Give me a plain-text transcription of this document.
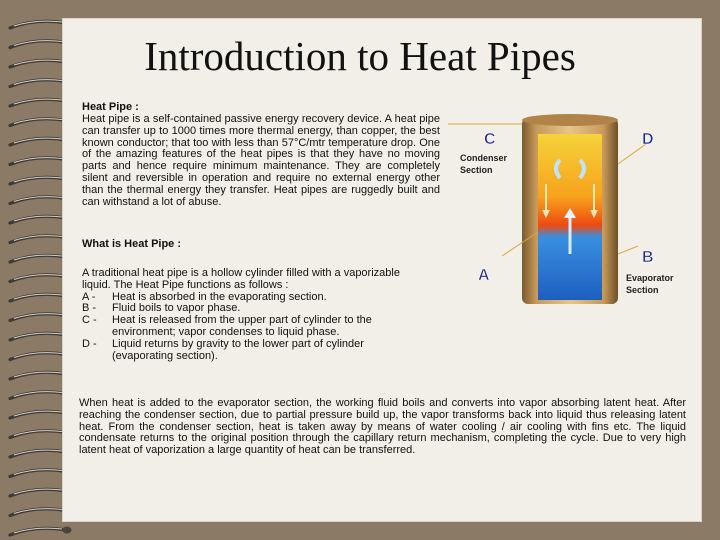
Introduction to Heat Pipes

Heat Pipe :

Heat pipe is a self-contained passive energy recovery device. A heat pipe can transfer up to 1000 times more thermal energy, than copper, the best known conductor; that too with less than 57°C/mtr temperature drop. One of the amazing features of the heat pipes is that they have no moving parts and hence require minimum maintenance. They are completely silent and reversible in operation and require no external energy other than the thermal energy they transfer. Heat pipes are ruggedly built and can withstand a lot of abuse.

What is Heat Pipe :

A traditional heat pipe is a hollow cylinder filled with a vaporizable
liquid. The Heat Pipe functions as follows :
A -	Heat is absorbed in the evaporating section.
B -	Fluid boils to vapor phase.
C -	Heat is released from the upper part of cylinder to the
environment; vapor condenses to liquid phase.
D -	Liquid returns by gravity to the lower part of cylinder
(evaporating section).

When heat is added to the evaporator section, the working fluid boils and converts into vapor absorbing latent heat. After reaching the condenser section, due to partial pressure build up, the vapor transforms back into liquid thus releasing latent heat. From the condenser section, heat is taken away by means of water cooling / air cooling with fins etc. The liquid condensate returns to the original position through the capillary return mechanism, completing the cycle. Due to very high latent heat of vaporization a large quantity of heat can be transferred.

C	D
A
B
Condenser
Section
Evaporator
Section
